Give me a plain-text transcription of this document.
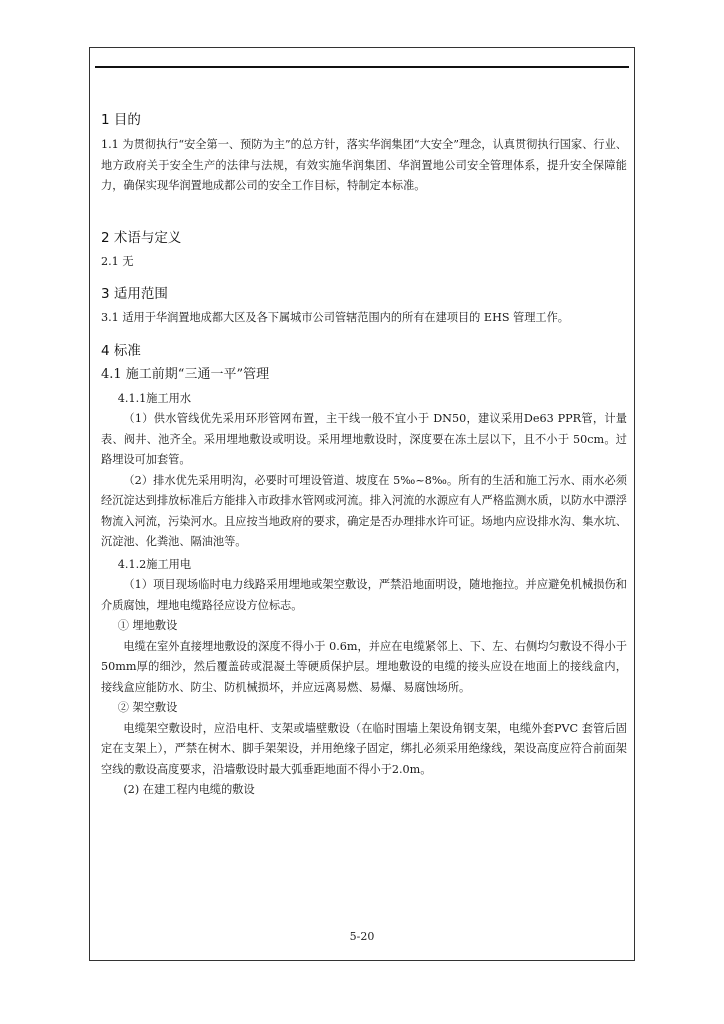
1 目的

1.1 为贯彻执行“安全第一、预防为主”的总方针，落实华润集团“大安全”理念，认真贯彻执行国家、行业、地方政府关于安全生产的法律与法规，有效实施华润集团、华润置地公司安全管理体系，提升安全保障能力，确保实现华润置地成都公司的安全工作目标，特制定本标准。

2 术语与定义

2.1 无

3 适用范围

3.1 适用于华润置地成都大区及各下属城市公司管辖范围内的所有在建项目的 EHS 管理工作。

4 标准
4.1 施工前期“三通一平”管理

4.1.1施工用水

（1）供水管线优先采用环形管网布置，主干线一般不宜小于 DN50，建议采用De63 PPR管，计量表、阀井、池齐全。采用埋地敷设或明设。采用埋地敷设时，深度要在冻土层以下，且不小于 50cm。过路埋设可加套管。

（2）排水优先采用明沟，必要时可埋设管道、坡度在 5‰~8‰。所有的生活和施工污水、雨水必须经沉淀达到排放标准后方能排入市政排水管网或河流。排入河流的水源应有人严格监测水质，以防水中漂浮物流入河流，污染河水。且应按当地政府的要求，确定是否办理排水许可证。场地内应设排水沟、集水坑、沉淀池、化粪池、隔油池等。

4.1.2施工用电

（1）项目现场临时电力线路采用埋地或架空敷设，严禁沿地面明设，随地拖拉。并应避免机械损伤和介质腐蚀，埋地电缆路径应设方位标志。

① 埋地敷设

电缆在室外直接埋地敷设的深度不得小于 0.6m，并应在电缆紧邻上、下、左、右侧均匀敷设不得小于 50mm厚的细沙，然后覆盖砖或混凝土等硬质保护层。埋地敷设的电缆的接头应设在地面上的接线盒内，接线盒应能防水、防尘、防机械损坏，并应远离易燃、易爆、易腐蚀场所。

② 架空敷设

电缆架空敷设时，应沿电杆、支架或墙壁敷设（在临时围墙上架设角钢支架，电缆外套PVC 套管后固定在支架上），严禁在树木、脚手架架设，并用绝缘子固定，绑扎必须采用绝缘线，架设高度应符合前面架空线的敷设高度要求，沿墙敷设时最大弧垂距地面不得小于2.0m。

(2) 在建工程内电缆的敷设

5-20
